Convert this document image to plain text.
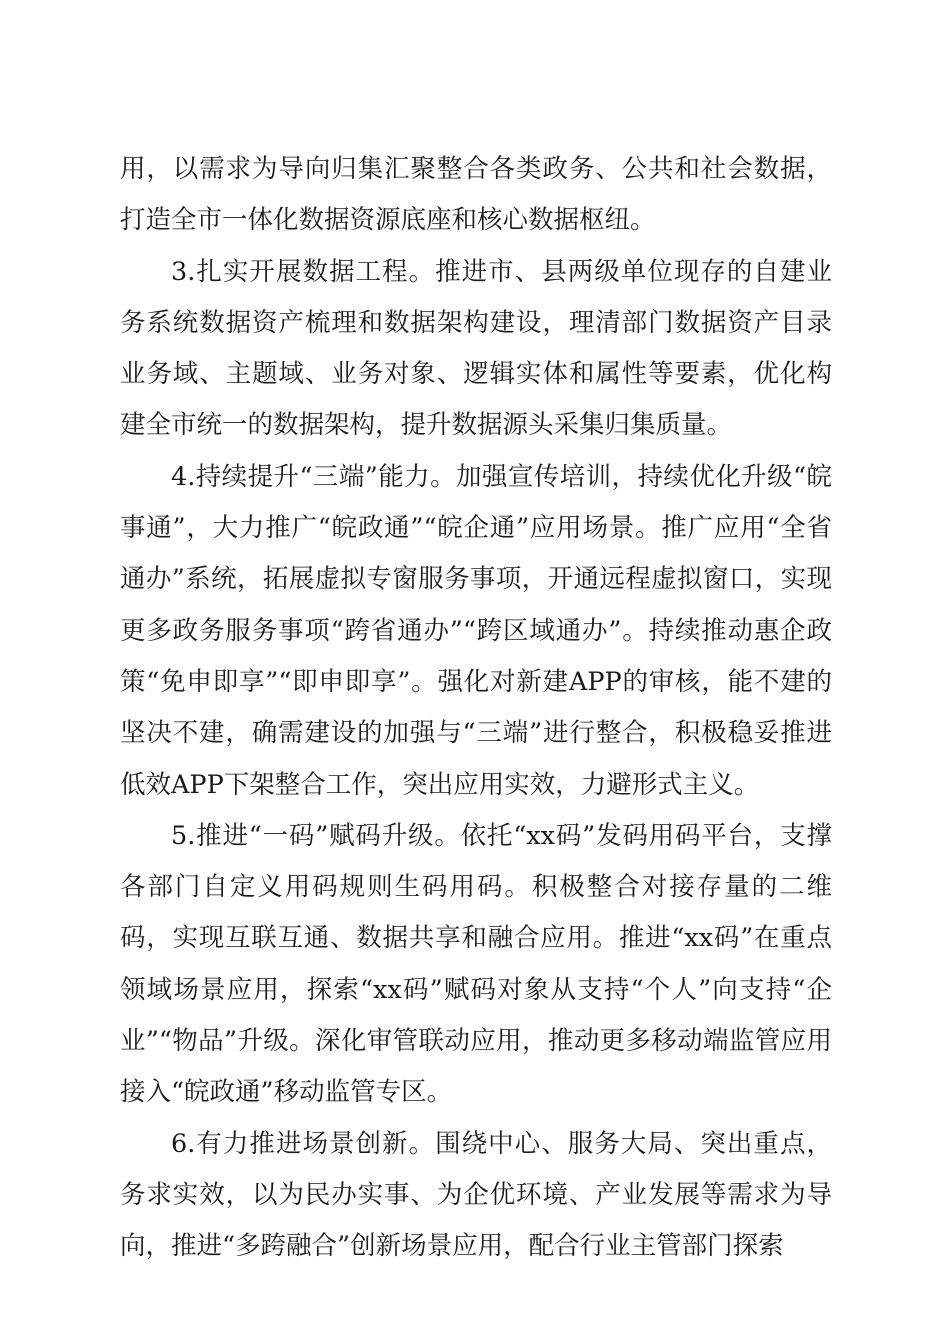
用，以需求为导向归集汇聚整合各类政务、公共和社会数据，打造全市一体化数据资源底座和核心数据枢纽。

3.扎实开展数据工程。推进市、县两级单位现存的自建业务系统数据资产梳理和数据架构建设，理清部门数据资产目录业务域、主题域、业务对象、逻辑实体和属性等要素，优化构建全市统一的数据架构，提升数据源头采集归集质量。

4.持续提升“三端”能力。加强宣传培训，持续优化升级“皖事通”，大力推广“皖政通”“皖企通”应用场景。推广应用“全省通办”系统，拓展虚拟专窗服务事项，开通远程虚拟窗口，实现更多政务服务事项“跨省通办”“跨区域通办”。持续推动惠企政策“免申即享”“即申即享”。强化对新建APP的审核，能不建的坚决不建，确需建设的加强与“三端”进行整合，积极稳妥推进低效APP下架整合工作，突出应用实效，力避形式主义。

5.推进“一码”赋码升级。依托“xx码”发码用码平台，支撑各部门自定义用码规则生码用码。积极整合对接存量的二维码，实现互联互通、数据共享和融合应用。推进“xx码”在重点领域场景应用，探索“xx码”赋码对象从支持“个人”向支持“企业”“物品”升级。深化审管联动应用，推动更多移动端监管应用接入“皖政通”移动监管专区。

6.有力推进场景创新。围绕中心、服务大局、突出重点，务求实效，以为民办实事、为企优环境、产业发展等需求为导向，推进“多跨融合”创新场景应用，配合行业主管部门探索
